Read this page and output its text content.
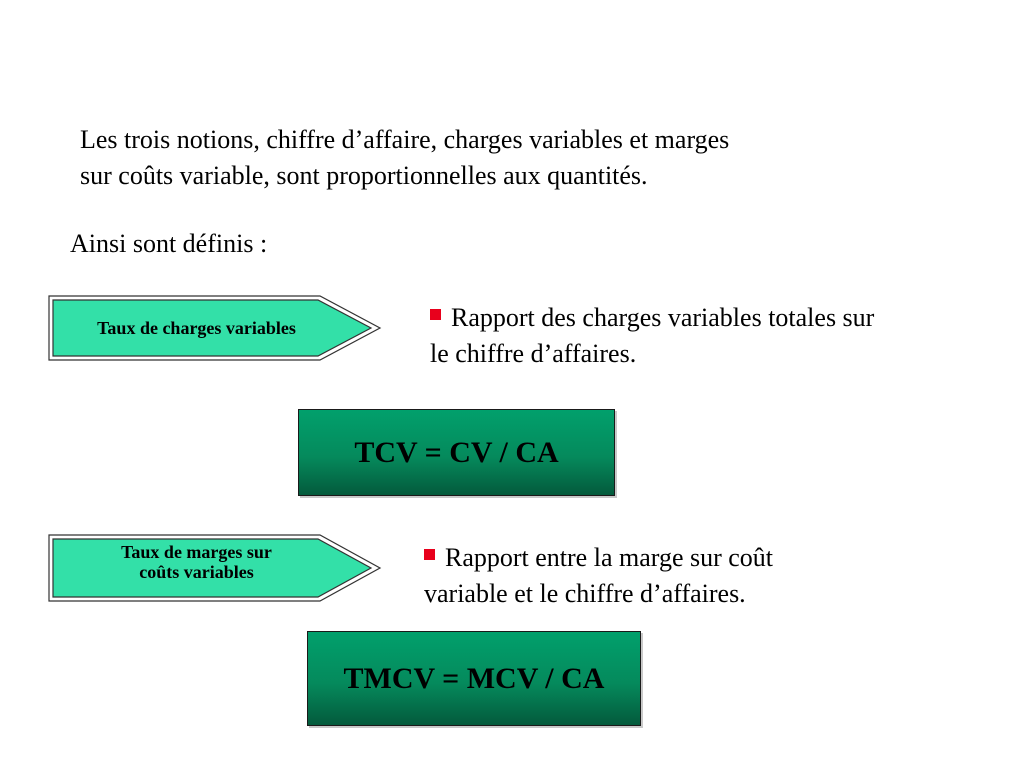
Les trois notions, chiffre d’affaire, charges variables et marges
sur coûts variable, sont proportionnelles aux quantités.

Ainsi sont définis :

Taux de charges variables	Rapport des charges variables totales sur
le chiffre d’affaires.

TCV = CV / CA
Taux de marges sur
coûts variables	Rapport entre la marge sur coût
variable et le chiffre d’affaires.

TMCV = MCV / CA
